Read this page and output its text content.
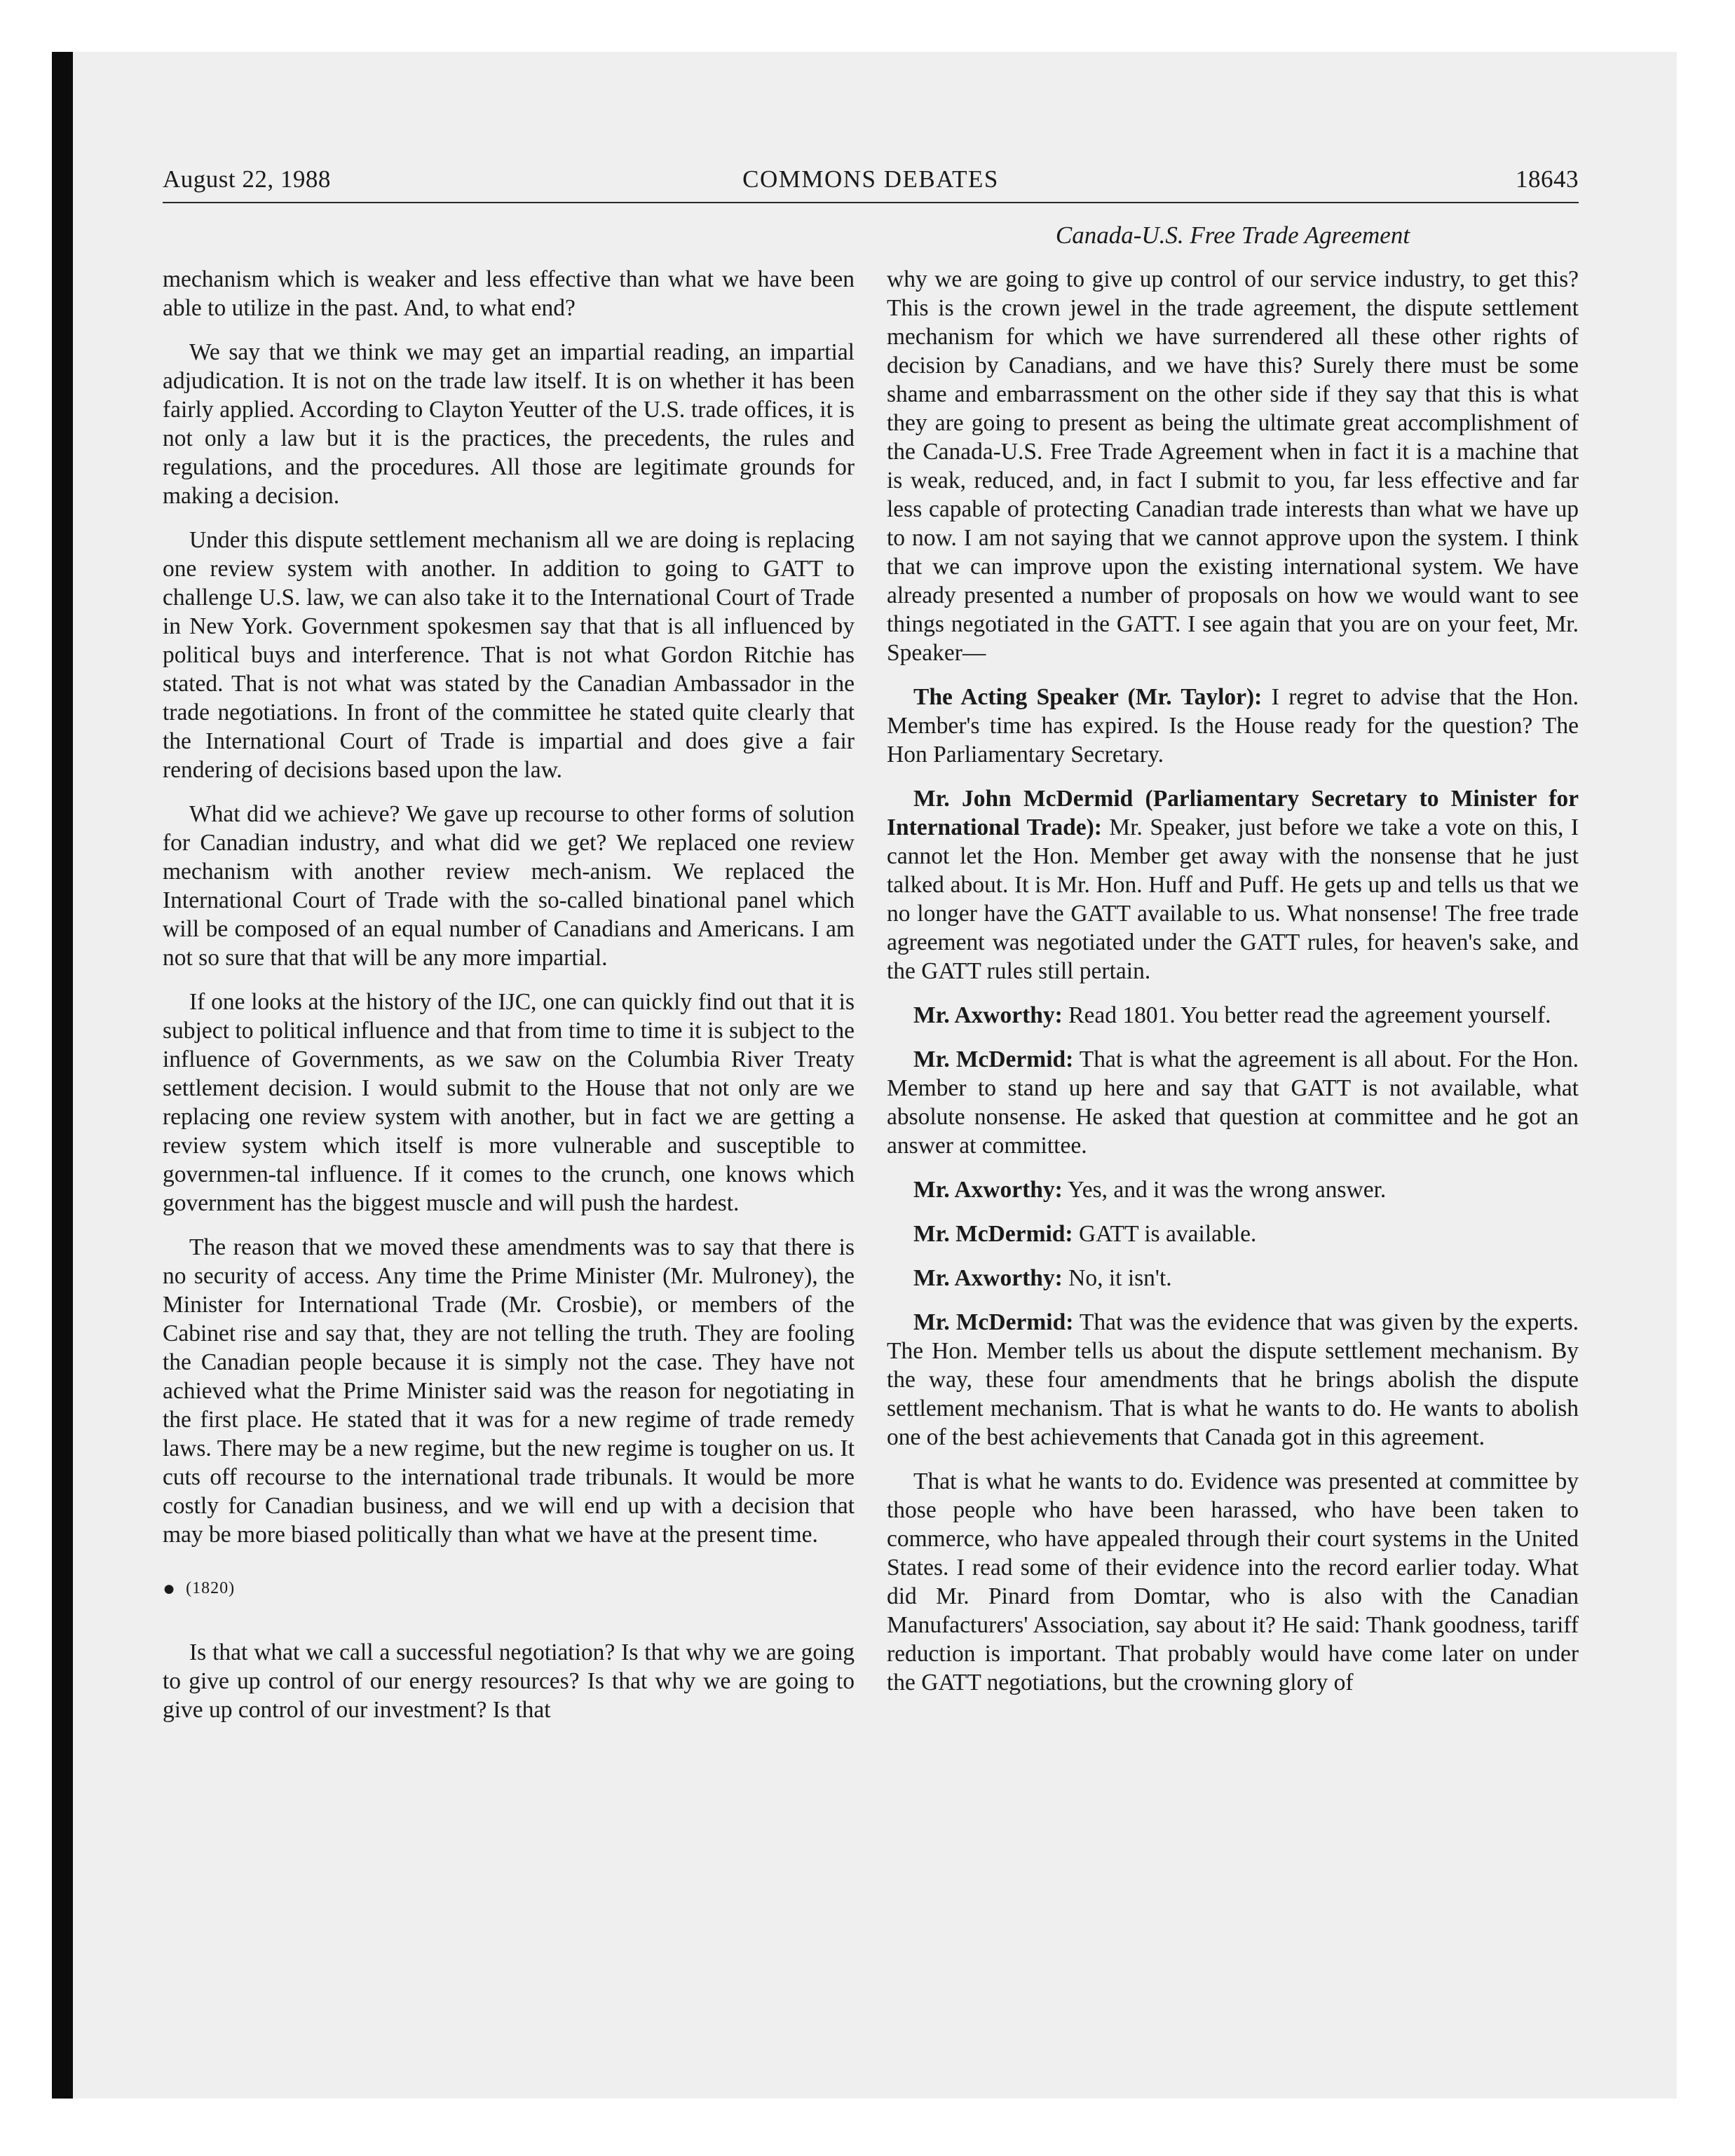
August 22, 1988	COMMONS DEBATES	18643
Canada-U.S. Free Trade Agreement

mechanism which is weaker and less effective than what we have been able to utilize in the past. And, to what end?

We say that we think we may get an impartial reading, an impartial adjudication. It is not on the trade law itself. It is on whether it has been fairly applied. According to Clayton Yeutter of the U.S. trade offices, it is not only a law but it is the practices, the precedents, the rules and regulations, and the procedures. All those are legitimate grounds for making a decision.

Under this dispute settlement mechanism all we are doing is replacing one review system with another. In addition to going to GATT to challenge U.S. law, we can also take it to the International Court of Trade in New York. Government spokesmen say that that is all influenced by political buys and interference. That is not what Gordon Ritchie has stated. That is not what was stated by the Canadian Ambassador in the trade negotiations. In front of the committee he stated quite clearly that the International Court of Trade is impartial and does give a fair rendering of decisions based upon the law.

What did we achieve? We gave up recourse to other forms of solution for Canadian industry, and what did we get? We replaced one review mechanism with another review mech-anism. We replaced the International Court of Trade with the so-called binational panel which will be composed of an equal number of Canadians and Americans. I am not so sure that that will be any more impartial.

If one looks at the history of the IJC, one can quickly find out that it is subject to political influence and that from time to time it is subject to the influence of Governments, as we saw on the Columbia River Treaty settlement decision. I would submit to the House that not only are we replacing one review system with another, but in fact we are getting a review system which itself is more vulnerable and susceptible to governmen-tal influence. If it comes to the crunch, one knows which government has the biggest muscle and will push the hardest.

The reason that we moved these amendments was to say that there is no security of access. Any time the Prime Minister (Mr. Mulroney), the Minister for International Trade (Mr. Crosbie), or members of the Cabinet rise and say that, they are not telling the truth. They are fooling the Canadian people because it is simply not the case. They have not achieved what the Prime Minister said was the reason for negotiating in the first place. He stated that it was for a new regime of trade remedy laws. There may be a new regime, but the new regime is tougher on us. It cuts off recourse to the international trade tribunals. It would be more costly for Canadian business, and we will end up with a decision that may be more biased politically than what we have at the present time.

● (1820)

Is that what we call a successful negotiation? Is that why we are going to give up control of our energy resources? Is that why we are going to give up control of our investment? Is that

why we are going to give up control of our service industry, to get this? This is the crown jewel in the trade agreement, the dispute settlement mechanism for which we have surrendered all these other rights of decision by Canadians, and we have this? Surely there must be some shame and embarrassment on the other side if they say that this is what they are going to present as being the ultimate great accomplishment of the Canada-U.S. Free Trade Agreement when in fact it is a machine that is weak, reduced, and, in fact I submit to you, far less effective and far less capable of protecting Canadian trade interests than what we have up to now. I am not saying that we cannot approve upon the system. I think that we can improve upon the existing international system. We have already presented a number of proposals on how we would want to see things negotiated in the GATT. I see again that you are on your feet, Mr. Speaker—

The Acting Speaker (Mr. Taylor): I regret to advise that the Hon. Member's time has expired. Is the House ready for the question? The Hon Parliamentary Secretary.

Mr. John McDermid (Parliamentary Secretary to Minister for International Trade): Mr. Speaker, just before we take a vote on this, I cannot let the Hon. Member get away with the nonsense that he just talked about. It is Mr. Hon. Huff and Puff. He gets up and tells us that we no longer have the GATT available to us. What nonsense! The free trade agreement was negotiated under the GATT rules, for heaven's sake, and the GATT rules still pertain.

Mr. Axworthy: Read 1801. You better read the agreement yourself.

Mr. McDermid: That is what the agreement is all about. For the Hon. Member to stand up here and say that GATT is not available, what absolute nonsense. He asked that question at committee and he got an answer at committee.

Mr. Axworthy: Yes, and it was the wrong answer.

Mr. McDermid: GATT is available.

Mr. Axworthy: No, it isn't.

Mr. McDermid: That was the evidence that was given by the experts. The Hon. Member tells us about the dispute settlement mechanism. By the way, these four amendments that he brings abolish the dispute settlement mechanism. That is what he wants to do. He wants to abolish one of the best achievements that Canada got in this agreement.

That is what he wants to do. Evidence was presented at committee by those people who have been harassed, who have been taken to commerce, who have appealed through their court systems in the United States. I read some of their evidence into the record earlier today. What did Mr. Pinard from Domtar, who is also with the Canadian Manufacturers' Association, say about it? He said: Thank goodness, tariff reduction is important. That probably would have come later on under the GATT negotiations, but the crowning glory of
